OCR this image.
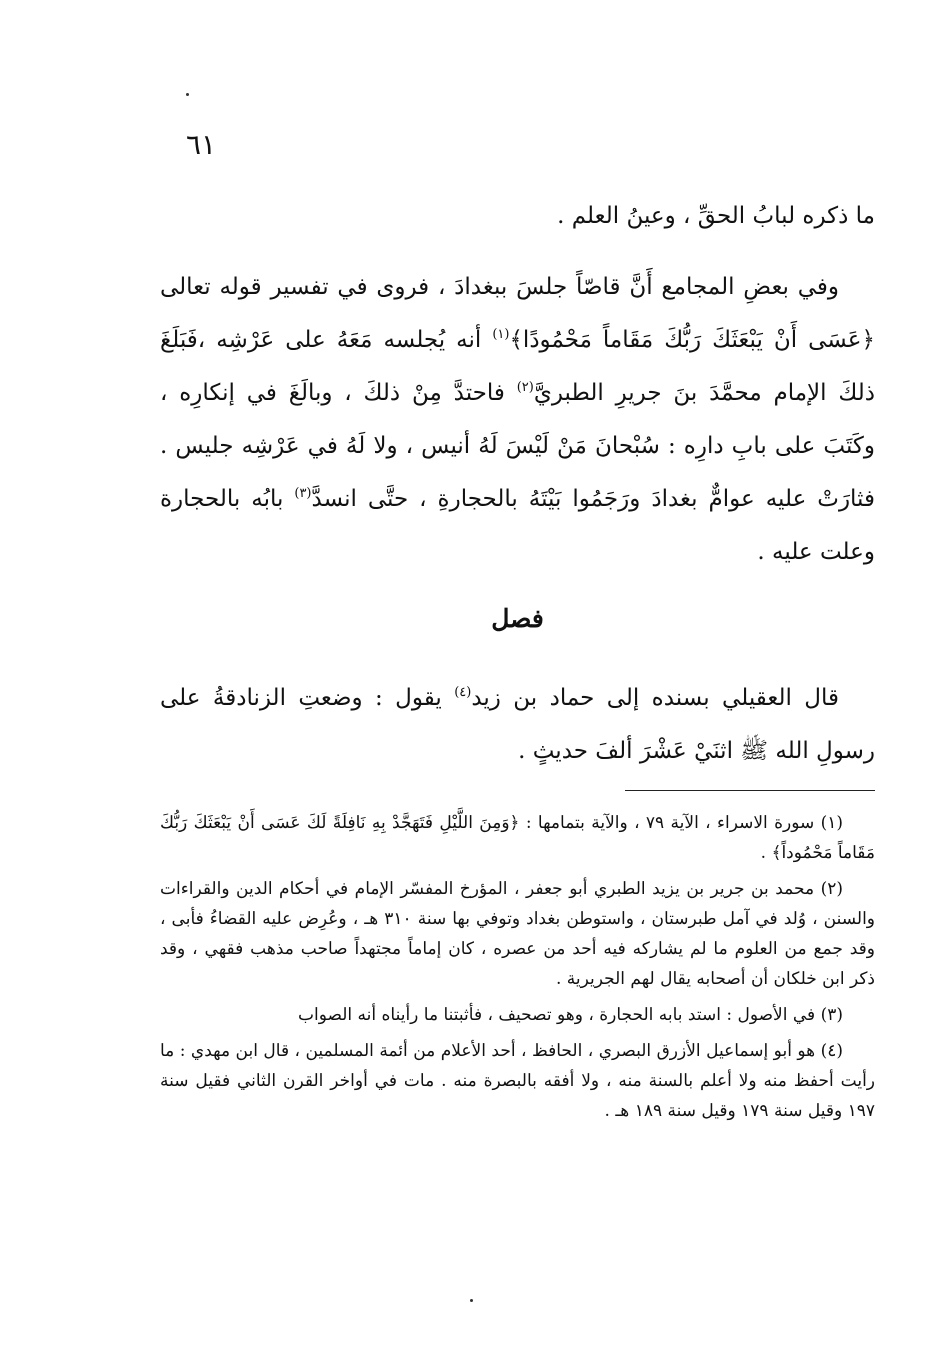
٦١

ما ذكره لبابُ الحقِّ ، وعينُ العلم .

وفي بعضِ المجامع أَنَّ قاصّاً جلسَ ببغدادَ ، فروى في تفسير قوله تعالى ﴿عَسَى أَنْ يَبْعَثَكَ رَبُّكَ مَقَاماً مَحْمُودًا﴾$^{(١)}$ أنه يُجلسه مَعَهُ على عَرْشِه ،فَبَلَغَ ذلكَ الإمام محمَّدَ بنَ جريرِ الطبريَّ$^{(٢)}$ فاحتدَّ مِنْ ذلكَ ، وبالَغَ في إنكارِه ، وكَتَبَ على بابِ دارِه : سُبْحانَ مَنْ لَيْسَ لَهُ أنيس ، ولا لَهُ في عَرْشِه جليس . فثارَتْ عليه عوامٌّ بغدادَ ورَجَمُوا بَيْتَهُ بالحجارةِ ، حتَّى انسدَّ$^{(٣)}$ بابُه بالحجارة وعلت عليه .

فصل

قال العقيلي بسنده إلى حماد بن زيد$^{(٤)}$ يقول : وضعتِ الزنادقةُ على رسولِ الله ﷺ اثنَيْ عَشْرَ ألفَ حديثٍ .

(١) سورة الاسراء ، الآية ٧٩ ، والآية بتمامها : ﴿وَمِنَ اللَّيْلِ فَتَهَجَّدْ بِهِ نَافِلَةً لَكَ عَسَى أَنْ يَبْعَثَكَ رَبُّكَ مَقَاماً مَحْمُوداً﴾ .

(٢) محمد بن جرير بن يزيد الطبري أبو جعفر ، المؤرخ المفسّر الإمام في أحكام الدين والقراءات والسنن ، وُلد في آمل طبرستان ، واستوطن بغداد وتوفي بها سنة ٣١٠ هـ ، وعُرِض عليه القضاءُ فأبى ، وقد جمع من العلوم ما لم يشاركه فيه أحد من عصره ، كان إماماً مجتهداً صاحب مذهب فقهي ، وقد ذكر ابن خلكان أن أصحابه يقال لهم الجريرية .

(٣) في الأصول : استد بابه الحجارة ، وهو تصحيف ، فأثبتنا ما رأيناه أنه الصواب

(٤) هو أبو إسماعيل الأزرق البصري ، الحافظ ، أحد الأعلام من أئمة المسلمين ، قال ابن مهدي : ما رأيت أحفظ منه ولا أعلم بالسنة منه ، ولا أفقه بالبصرة منه . مات في أواخر القرن الثاني فقيل سنة ١٩٧ وقيل سنة ١٧٩ وقيل سنة ١٨٩ هـ .
